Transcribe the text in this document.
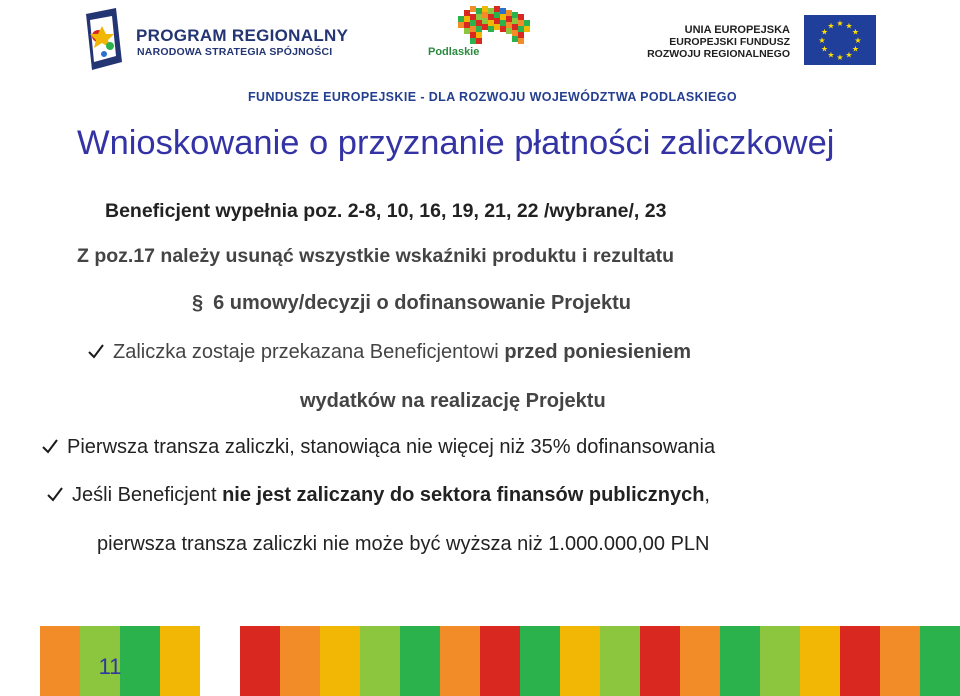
PROGRAM REGIONALNY
NARODOWA STRATEGIA SPÓJNOŚCI	Podlaskie
UNIA EUROPEJSKA
EUROPEJSKI FUNDUSZ
ROZWOJU REGIONALNEGO
★ ★
★
★
★
★
★
★
★
★
★
★
FUNDUSZE EUROPEJSKIE - DLA ROZWOJU WOJEWÓDZTWA PODLASKIEGO
Wnioskowanie o przyznanie płatności zaliczkowej
Beneficjent wypełnia poz. 2-8, 10, 16, 19, 21, 22 /wybrane/, 23
Z poz.17 należy usunąć wszystkie wskaźniki produktu i rezultatu
§ 6 umowy/decyzji o dofinansowanie Projektu
Zaliczka zostaje przekazana Beneficjentowi przed poniesieniem
wydatków na realizację Projektu
Pierwsza transza zaliczki, stanowiąca nie więcej niż 35% dofinansowania
Jeśli Beneficjent nie jest zaliczany do sektora finansów publicznych,
pierwsza transza zaliczki nie może być wyższa niż 1.000.000,00 PLN
11
